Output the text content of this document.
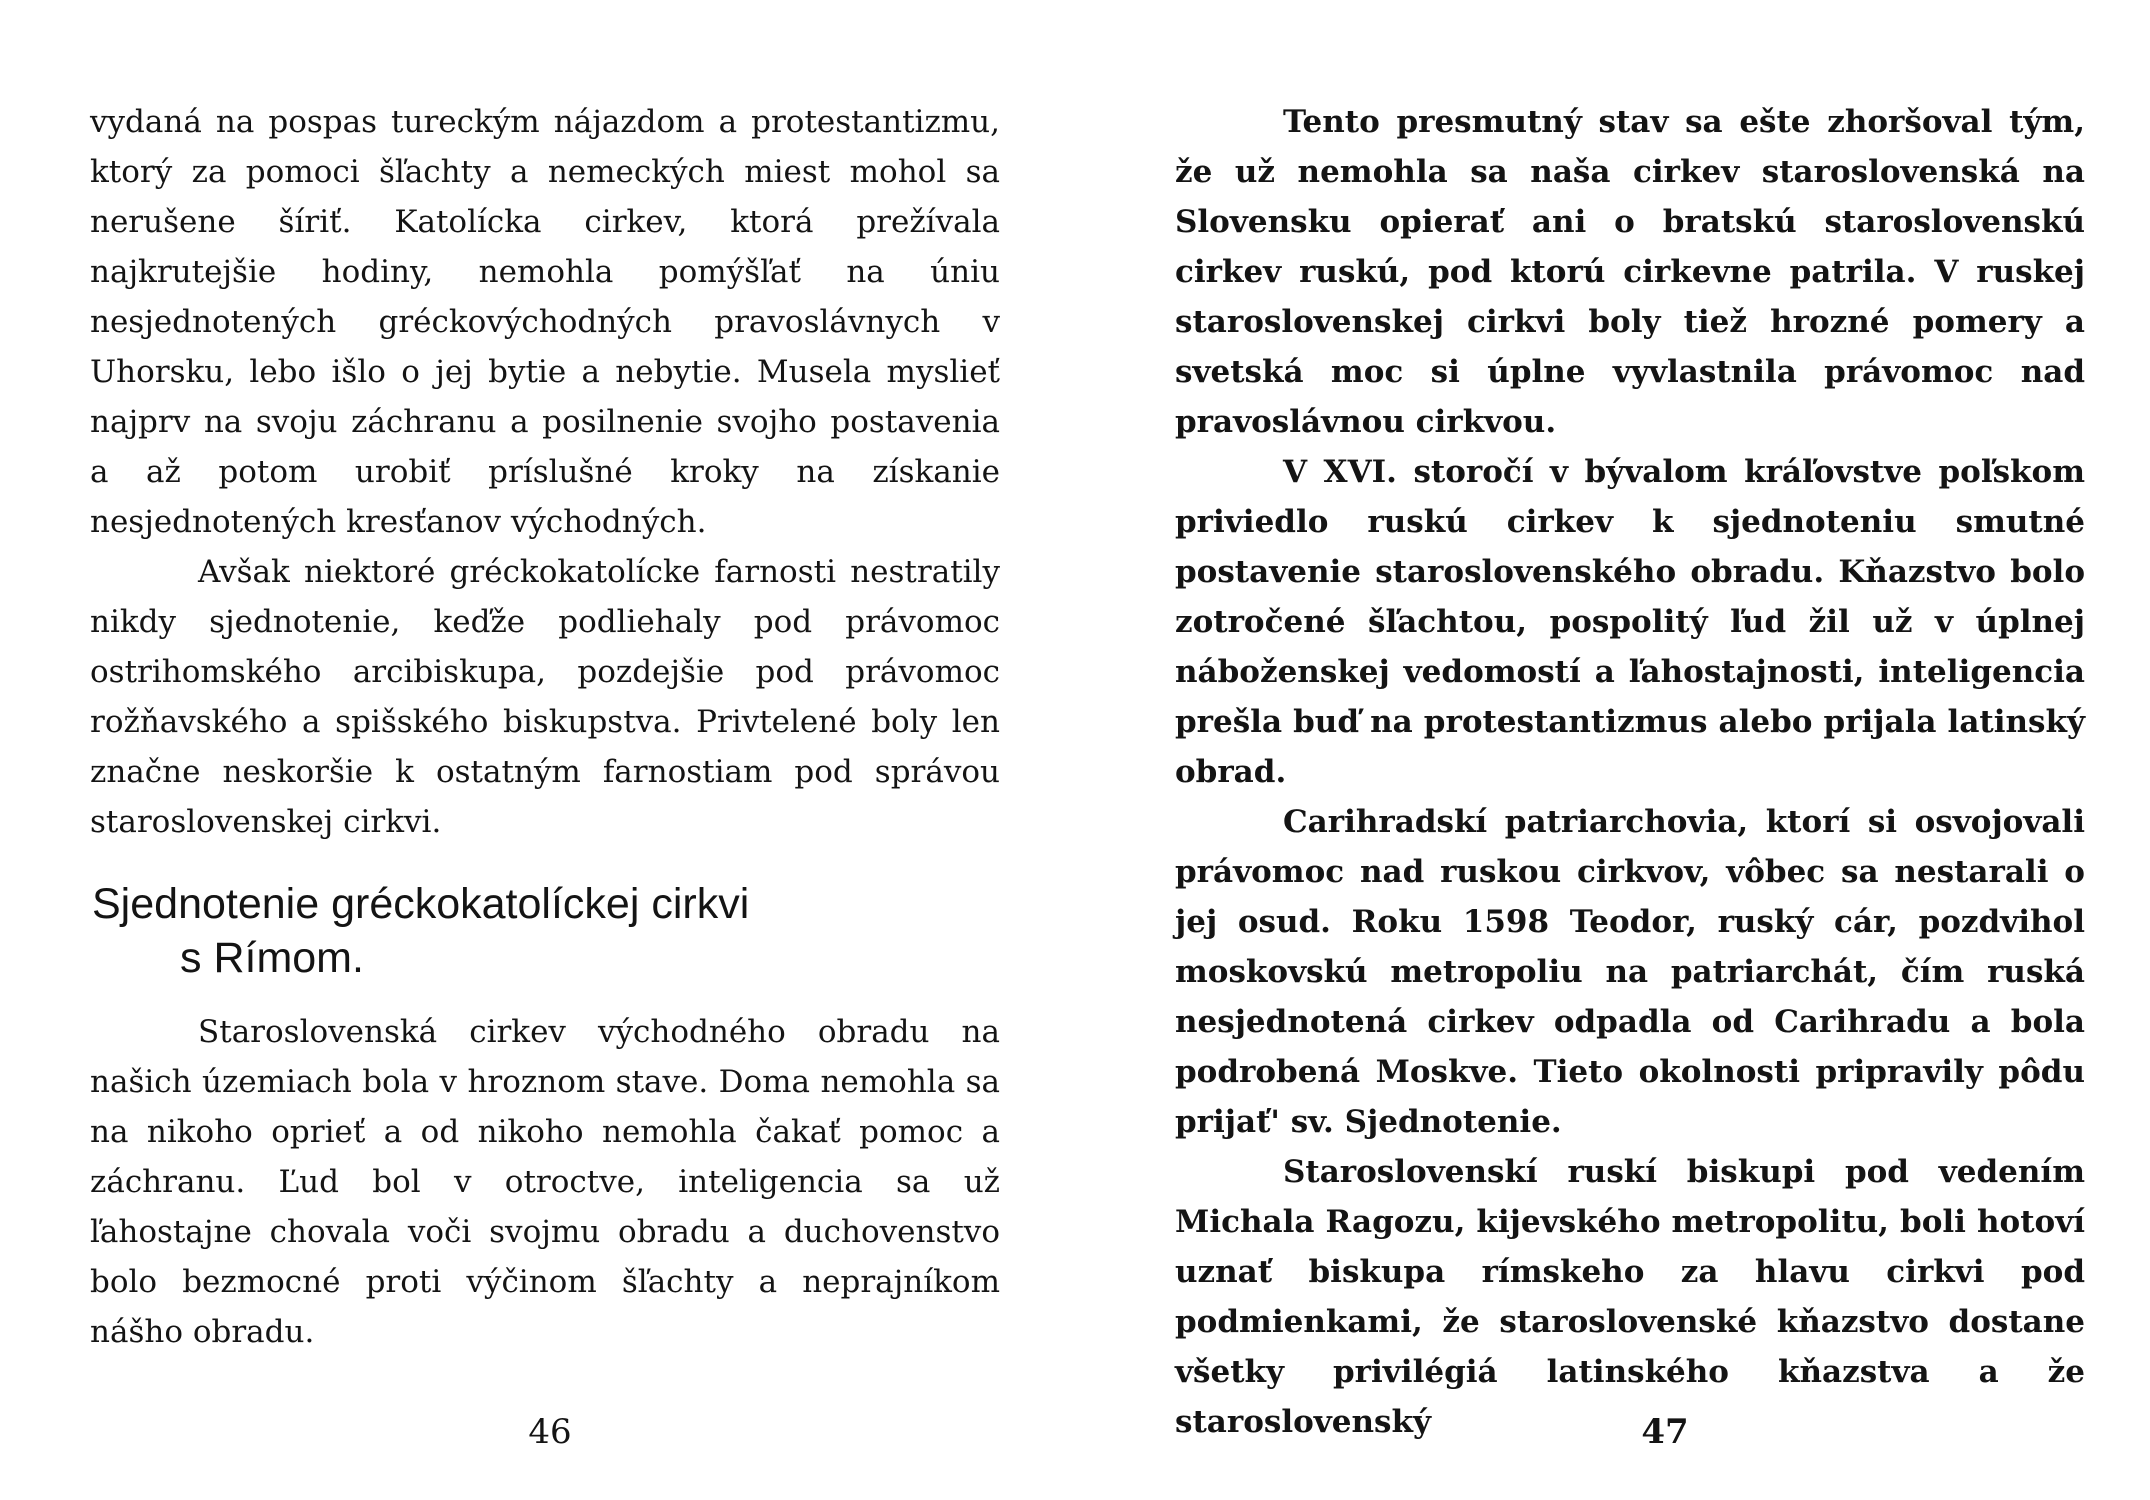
vydaná na pospas tureckým nájazdom a protestantizmu, ktorý za pomoci šľachty a nemeckých miest mohol sa nerušene šíriť. Katolícka cirkev, ktorá prežívala najkrutejšie hodiny, nemohla pomýšľať na úniu nesjednotených gréckovýchodných pravoslávnych v Uhorsku, lebo išlo o jej bytie a nebytie. Musela myslieť najprv na svoju záchranu a posilnenie svojho postavenia a až potom urobiť príslušné kroky na získanie nesjednotených kresťanov východných.

Avšak niektoré gréckokatolícke farnosti nestratily nikdy sjednotenie, keďže podliehaly pod právomoc ostrihomského arcibiskupa, pozdejšie pod právomoc rožňavského a spišského biskupstva. Privtelené boly len značne neskoršie k ostatným farnostiam pod správou staroslovenskej cirkvi.

Sjednotenie gréckokatolíckej cirkvi
s Rímom.

Staroslovenská cirkev východného obradu na našich územiach bola v hroznom stave. Doma nemohla sa na nikoho oprieť a od nikoho nemohla čakať pomoc a záchranu. Ľud bol v otroctve, inteligencia sa už ľahostajne chovala voči svojmu obradu a duchovenstvo bolo bezmocné proti výčinom šľachty a neprajníkom nášho obradu.

46

Tento presmutný stav sa ešte zhoršoval tým, že už nemohla sa naša cirkev staroslovenská na Slovensku opierať ani o bratskú staroslovenskú cirkev ruskú, pod ktorú cirkevne patrila. V ruskej staroslovenskej cirkvi boly tiež hrozné pomery a svetská moc si úplne vyvlastnila právomoc nad pravoslávnou cirkvou.

V XVI. storočí v bývalom kráľovstve poľskom priviedlo ruskú cirkev k sjednoteniu smutné postavenie staroslovenského obradu. Kňazstvo bolo zotročené šľachtou, pospolitý ľud žil už v úplnej náboženskej vedomostí a ľahostajnosti, inteligencia prešla buď na protestantizmus alebo prijala latinský obrad.

Carihradskí patriarchovia, ktorí si osvojovali právomoc nad ruskou cirkvov, vôbec sa nestarali o jej osud. Roku 1598 Teodor, ruský cár, pozdvihol moskovskú metropoliu na patriarchát, čím ruská nesjednotená cirkev odpadla od Carihradu a bola podrobená Moskve. Tieto okolnosti pripravily pôdu prijať' sv. Sjednotenie.

Staroslovenskí ruskí biskupi pod vedením Michala Ragozu, kijevského metropolitu, boli hotoví uznať biskupa rímskeho za hlavu cirkvi pod podmienkami, že staroslovenské kňazstvo dostane všetky privilégiá latinského kňazstva a že staroslovenský	47
